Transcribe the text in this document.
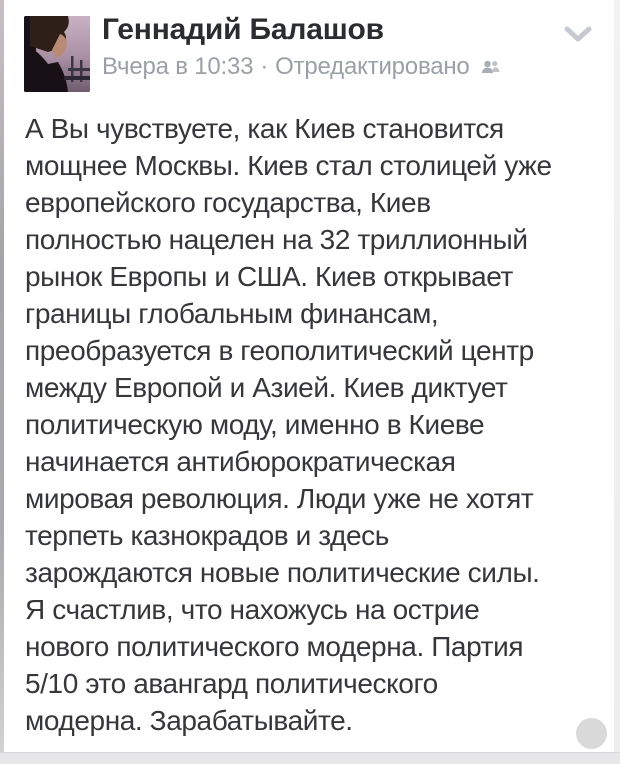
Геннадий Балашов
Вчера в 10:33 · Отредактировано
А Вы чувствуете, как Киев становится
мощнее Москвы. Киев стал столицей уже
европейского государства, Киев
полностью нацелен на 32 триллионный
рынок Европы и США. Киев открывает
границы глобальным финансам,
преобразуется в геополитический центр
между Европой и Азией. Киев диктует
политическую моду, именно в Киеве
начинается антибюрократическая
мировая революция. Люди уже не хотят
терпеть казнокрадов и здесь
зарождаются новые политические силы.
Я счастлив, что нахожусь на острие
нового политического модерна. Партия
5/10 это авангард политического
модерна. Зарабатывайте.
